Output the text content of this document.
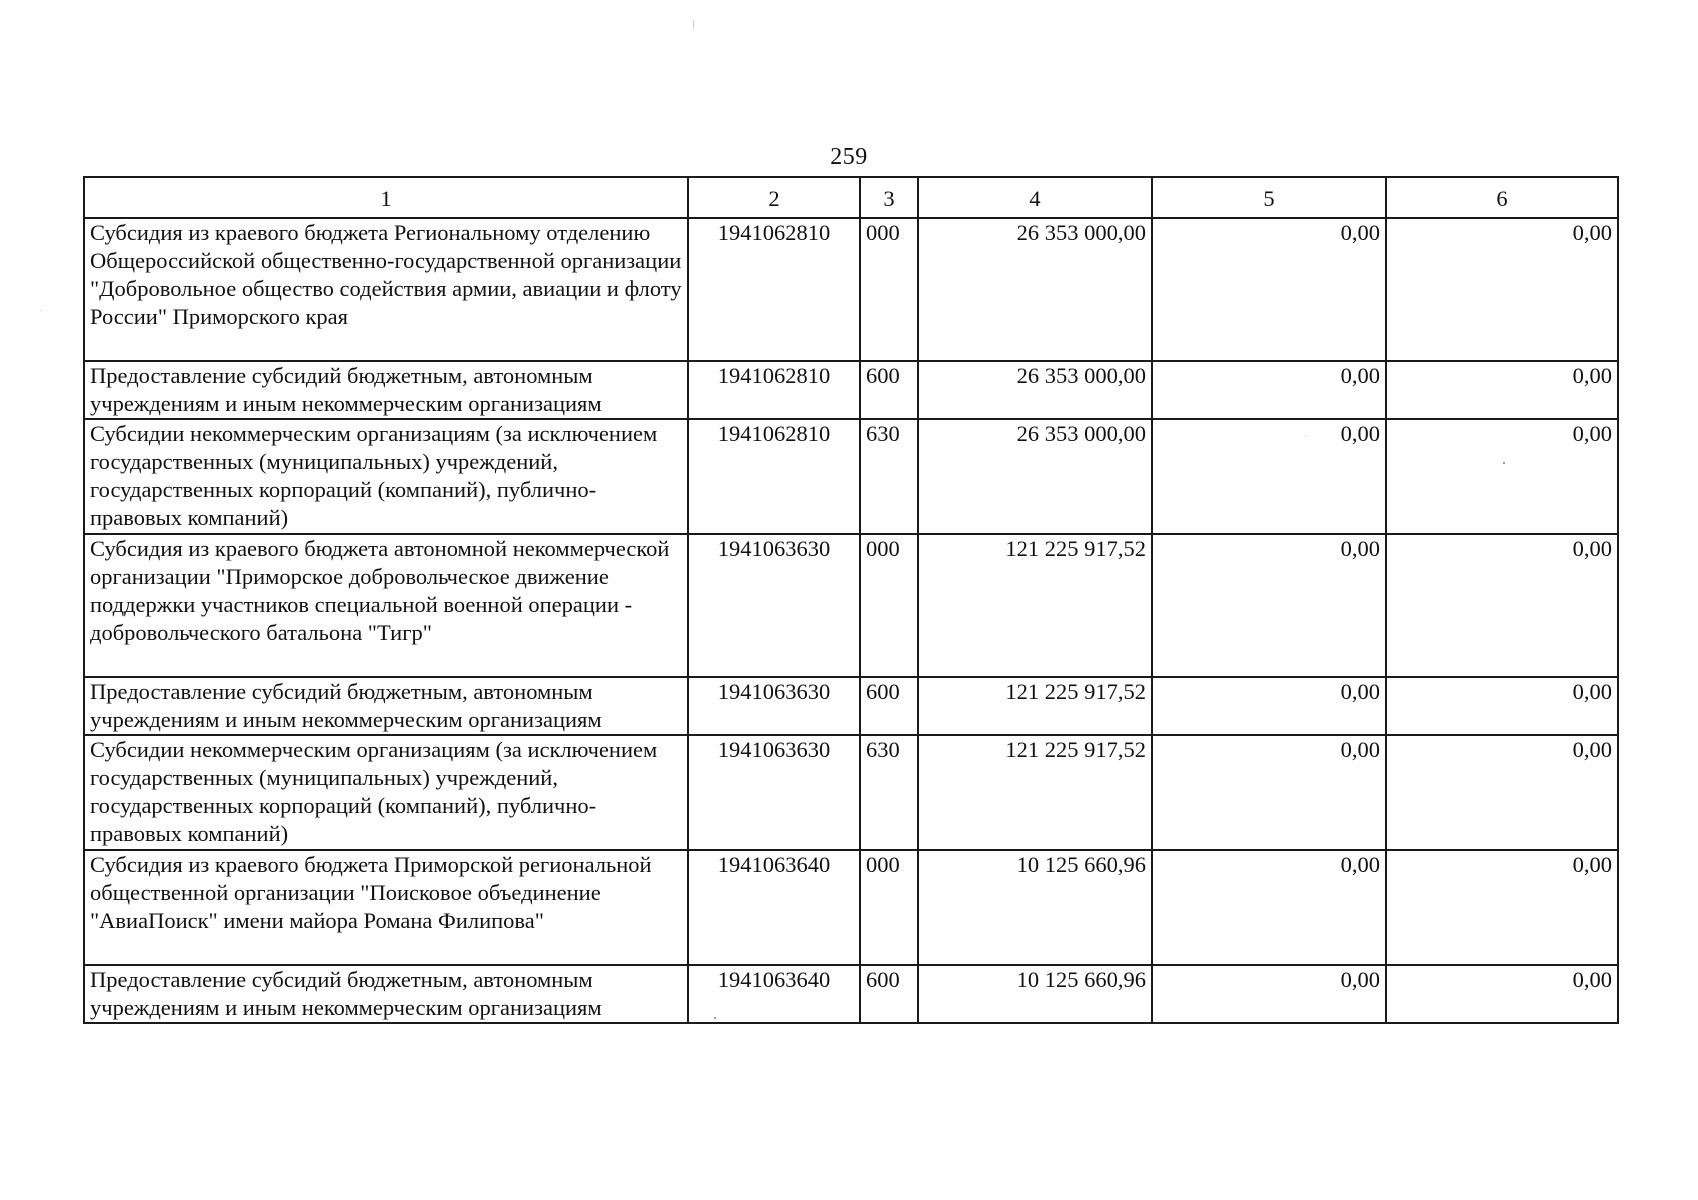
259
1	2	3	4	5	6
Субсидия из краевого бюджета Региональному отделению Общероссийской общественно-государственной организации "Добровольное общество содействия армии, авиации и флоту России" Приморского края	1941062810	000	26 353 000,00	0,00	0,00
Предоставление субсидий бюджетным, автономным учреждениям и иным некоммерческим организациям	1941062810	600	26 353 000,00	0,00	0,00
Субсидии некоммерческим организациям (за исключением государственных (муниципальных) учреждений, государственных корпораций (компаний), публично-правовых компаний)	1941062810	630	26 353 000,00	0,00	0,00
Субсидия из краевого бюджета автономной некоммерческой организации "Приморское добровольческое движение поддержки участников специальной военной операции - добровольческого батальона "Тигр"	1941063630	000	121 225 917,52	0,00	0,00
Предоставление субсидий бюджетным, автономным учреждениям и иным некоммерческим организациям	1941063630	600	121 225 917,52	0,00	0,00
Субсидии некоммерческим организациям (за исключением государственных (муниципальных) учреждений, государственных корпораций (компаний), публично-правовых компаний)	1941063630	630	121 225 917,52	0,00	0,00
Субсидия из краевого бюджета Приморской региональной общественной организации "Поисковое объединение "АвиаПоиск" имени майора Романа Филипова"	1941063640	000	10 125 660,96	0,00	0,00
Предоставление субсидий бюджетным, автономным учреждениям и иным некоммерческим организациям	1941063640	600	10 125 660,96	0,00	0,00
